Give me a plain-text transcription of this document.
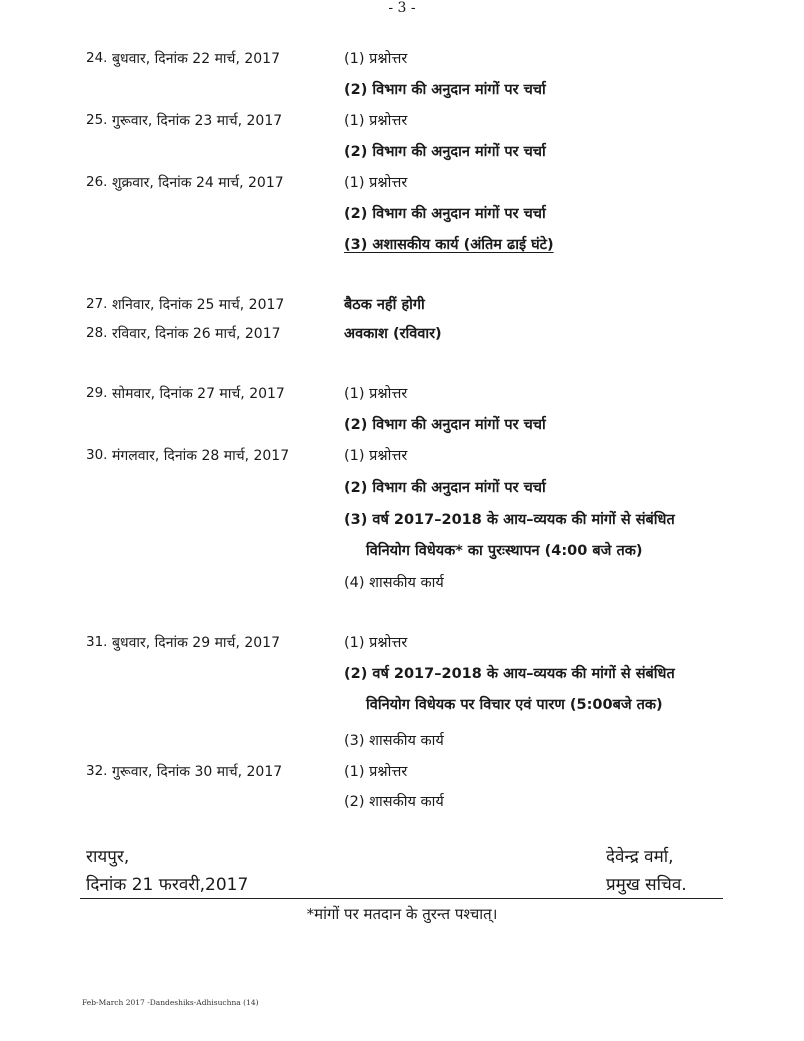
- 3 -
24. बुधवार, दिनांक 22 मार्च, 2017	(1) प्रश्नोत्तर
(2) विभाग की अनुदान मांगों पर चर्चा
25. गुरूवार, दिनांक 23 मार्च, 2017	(1) प्रश्नोत्तर
(2) विभाग की अनुदान मांगों पर चर्चा
26. शुक्रवार, दिनांक 24 मार्च, 2017	(1) प्रश्नोत्तर
(2) विभाग की अनुदान मांगों पर चर्चा
(3) अशासकीय कार्य (अंतिम ढाई घंटे)
27. शनिवार, दिनांक 25 मार्च, 2017	बैठक नहीं होगी
28. रविवार, दिनांक 26 मार्च, 2017	अवकाश (रविवार)
29. सोमवार, दिनांक 27 मार्च, 2017	(1) प्रश्नोत्तर
(2) विभाग की अनुदान मांगों पर चर्चा
30. मंगलवार, दिनांक 28 मार्च, 2017	(1) प्रश्नोत्तर
(2) विभाग की अनुदान मांगों पर चर्चा
(3) वर्ष 2017–2018 के आय–व्ययक की मांगों से संबंधित
विनियोग विधेयक* का पुरःस्थापन (4:00 बजे तक)
(4) शासकीय कार्य
31. बुधवार, दिनांक 29 मार्च, 2017	(1) प्रश्नोत्तर
(2) वर्ष 2017–2018 के आय–व्ययक की मांगों से संबंधित
विनियोग विधेयक पर विचार एवं पारण (5:00बजे तक)
(3) शासकीय कार्य
32. गुरूवार, दिनांक 30 मार्च, 2017	(1) प्रश्नोत्तर
(2) शासकीय कार्य
रायपुर,
दिनांक 21 फरवरी,2017
देवेन्द्र वर्मा,
प्रमुख सचिव.
*मांगों पर मतदान के तुरन्त पश्चात्।
Feb-March 2017 -Dandeshiks-Adhisuchna (14)
